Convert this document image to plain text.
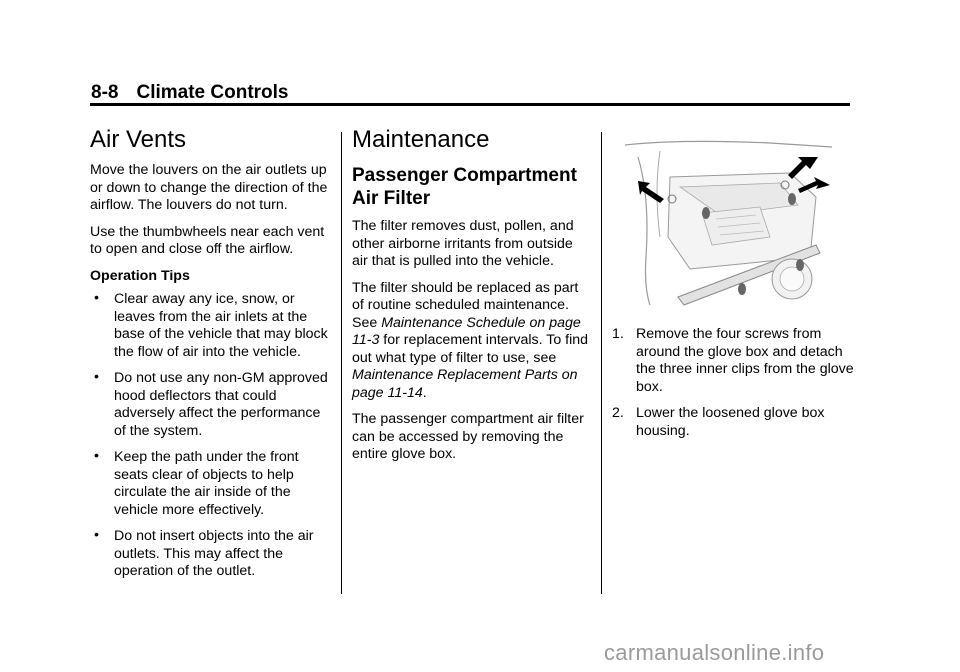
8-8 Climate Controls
Air Vents

Move the louvers on the air outlets up or down to change the direction of the airflow. The louvers do not turn.

Use the thumbwheels near each vent to open and close off the airflow.

Operation Tips
• Clear away any ice, snow, or leaves from the air inlets at the base of the vehicle that may block the flow of air into the vehicle.
• Do not use any non-GM approved hood deflectors that could adversely affect the performance of the system.
• Keep the path under the front seats clear of objects to help circulate the air inside of the vehicle more effectively.
• Do not insert objects into the air outlets. This may affect the operation of the outlet.
Maintenance
Passenger Compartment Air Filter

The filter removes dust, pollen, and other airborne irritants from outside air that is pulled into the vehicle.

The filter should be replaced as part of routine scheduled maintenance. See Maintenance Schedule on page 11-3 for replacement intervals. To find out what type of filter to use, see Maintenance Replacement Parts on page 11-14.

The passenger compartment air filter can be accessed by removing the entire glove box.

1. Remove the four screws from around the glove box and detach the three inner clips from the glove box.
2. Lower the loosened glove box housing.
carmanualsonline.info
